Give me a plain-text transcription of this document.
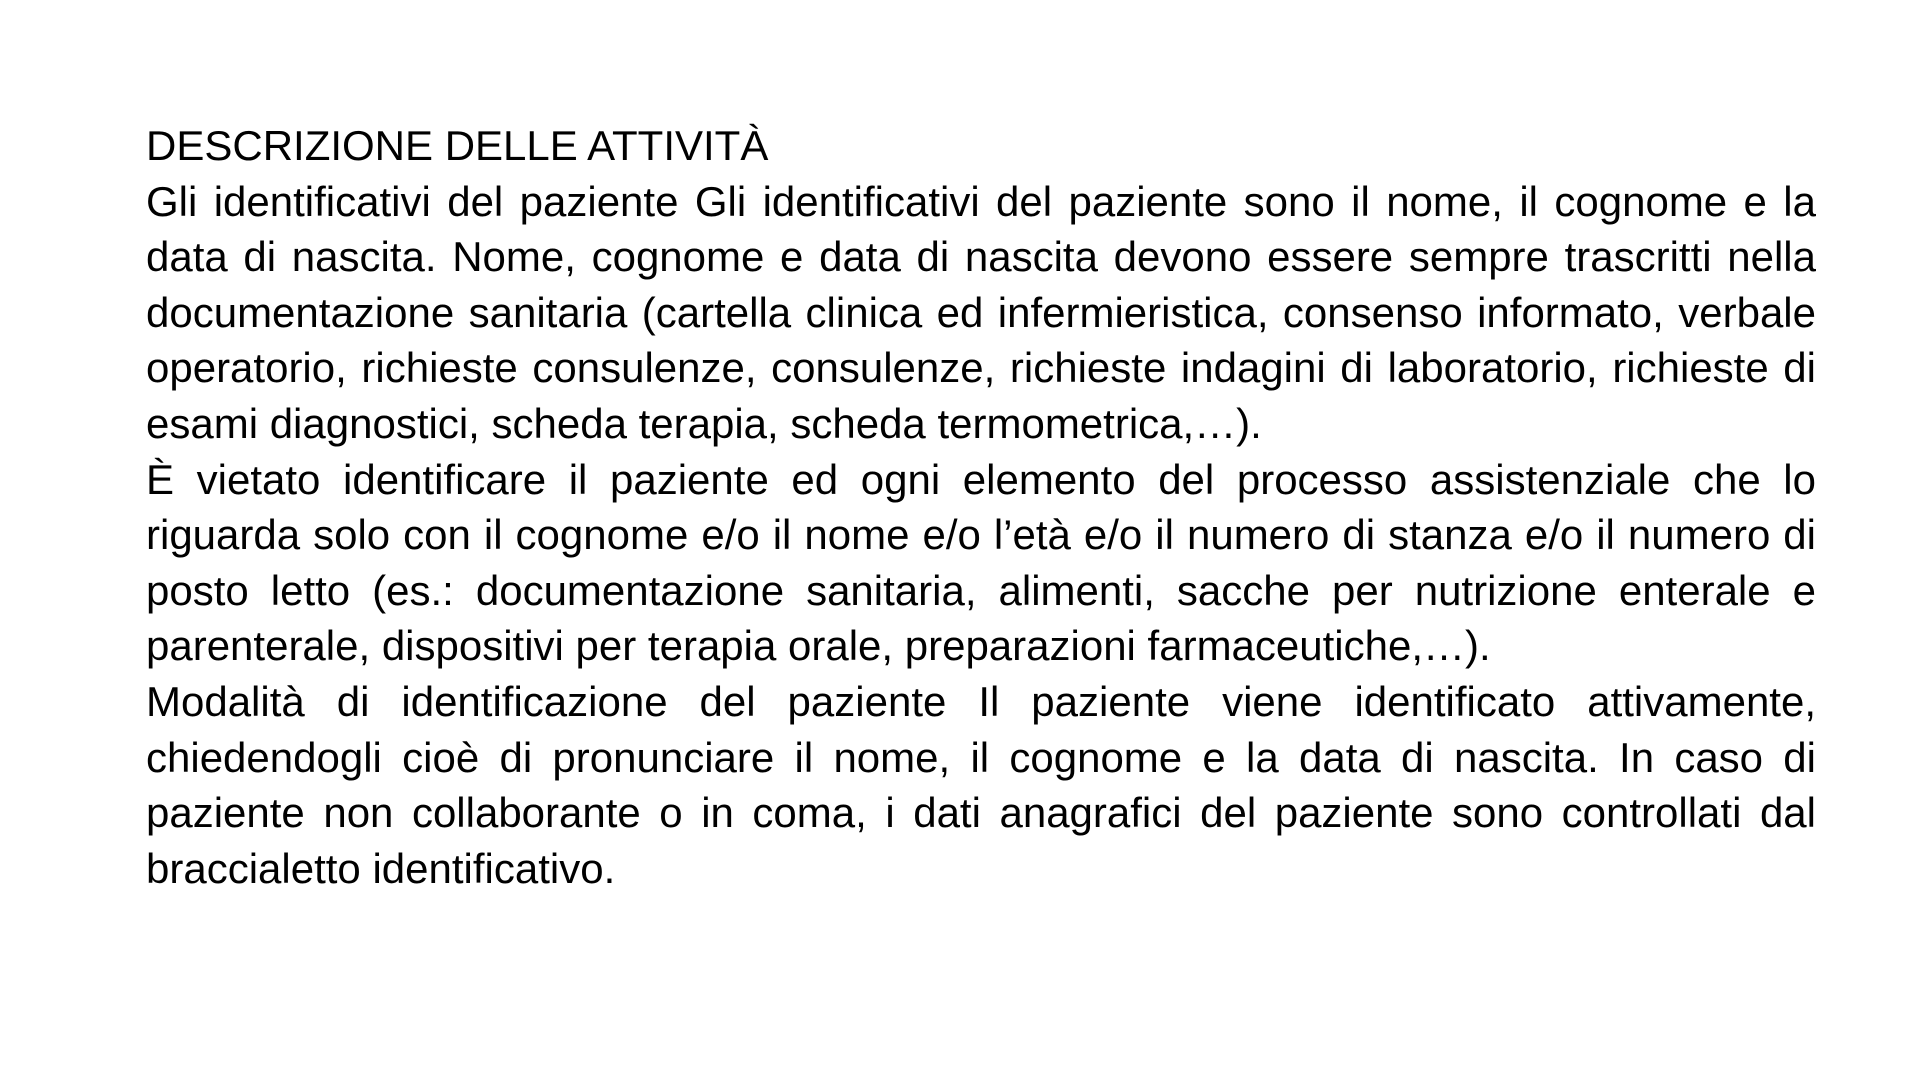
DESCRIZIONE DELLE ATTIVITÀ

Gli identificativi del paziente Gli identificativi del paziente sono il nome, il cognome e la data di nascita. Nome, cognome e data di nascita devono essere sempre trascritti nella documentazione sanitaria (cartella clinica ed infermieristica, consenso informato, verbale operatorio, richieste consulenze, consulenze, richieste indagini di laboratorio, richieste di esami diagnostici, scheda terapia, scheda termometrica,…).

È vietato identificare il paziente ed ogni elemento del processo assistenziale che lo riguarda solo con il cognome e/o il nome e/o l’età e/o il numero di stanza e/o il numero di posto letto (es.: documentazione sanitaria, alimenti, sacche per nutrizione enterale e parenterale, dispositivi per terapia orale, preparazioni farmaceutiche,…).

Modalità di identificazione del paziente Il paziente viene identificato attivamente, chiedendogli cioè di pronunciare il nome, il cognome e la data di nascita. In caso di paziente non collaborante o in coma, i dati anagrafici del paziente sono controllati dal braccialetto identificativo.
